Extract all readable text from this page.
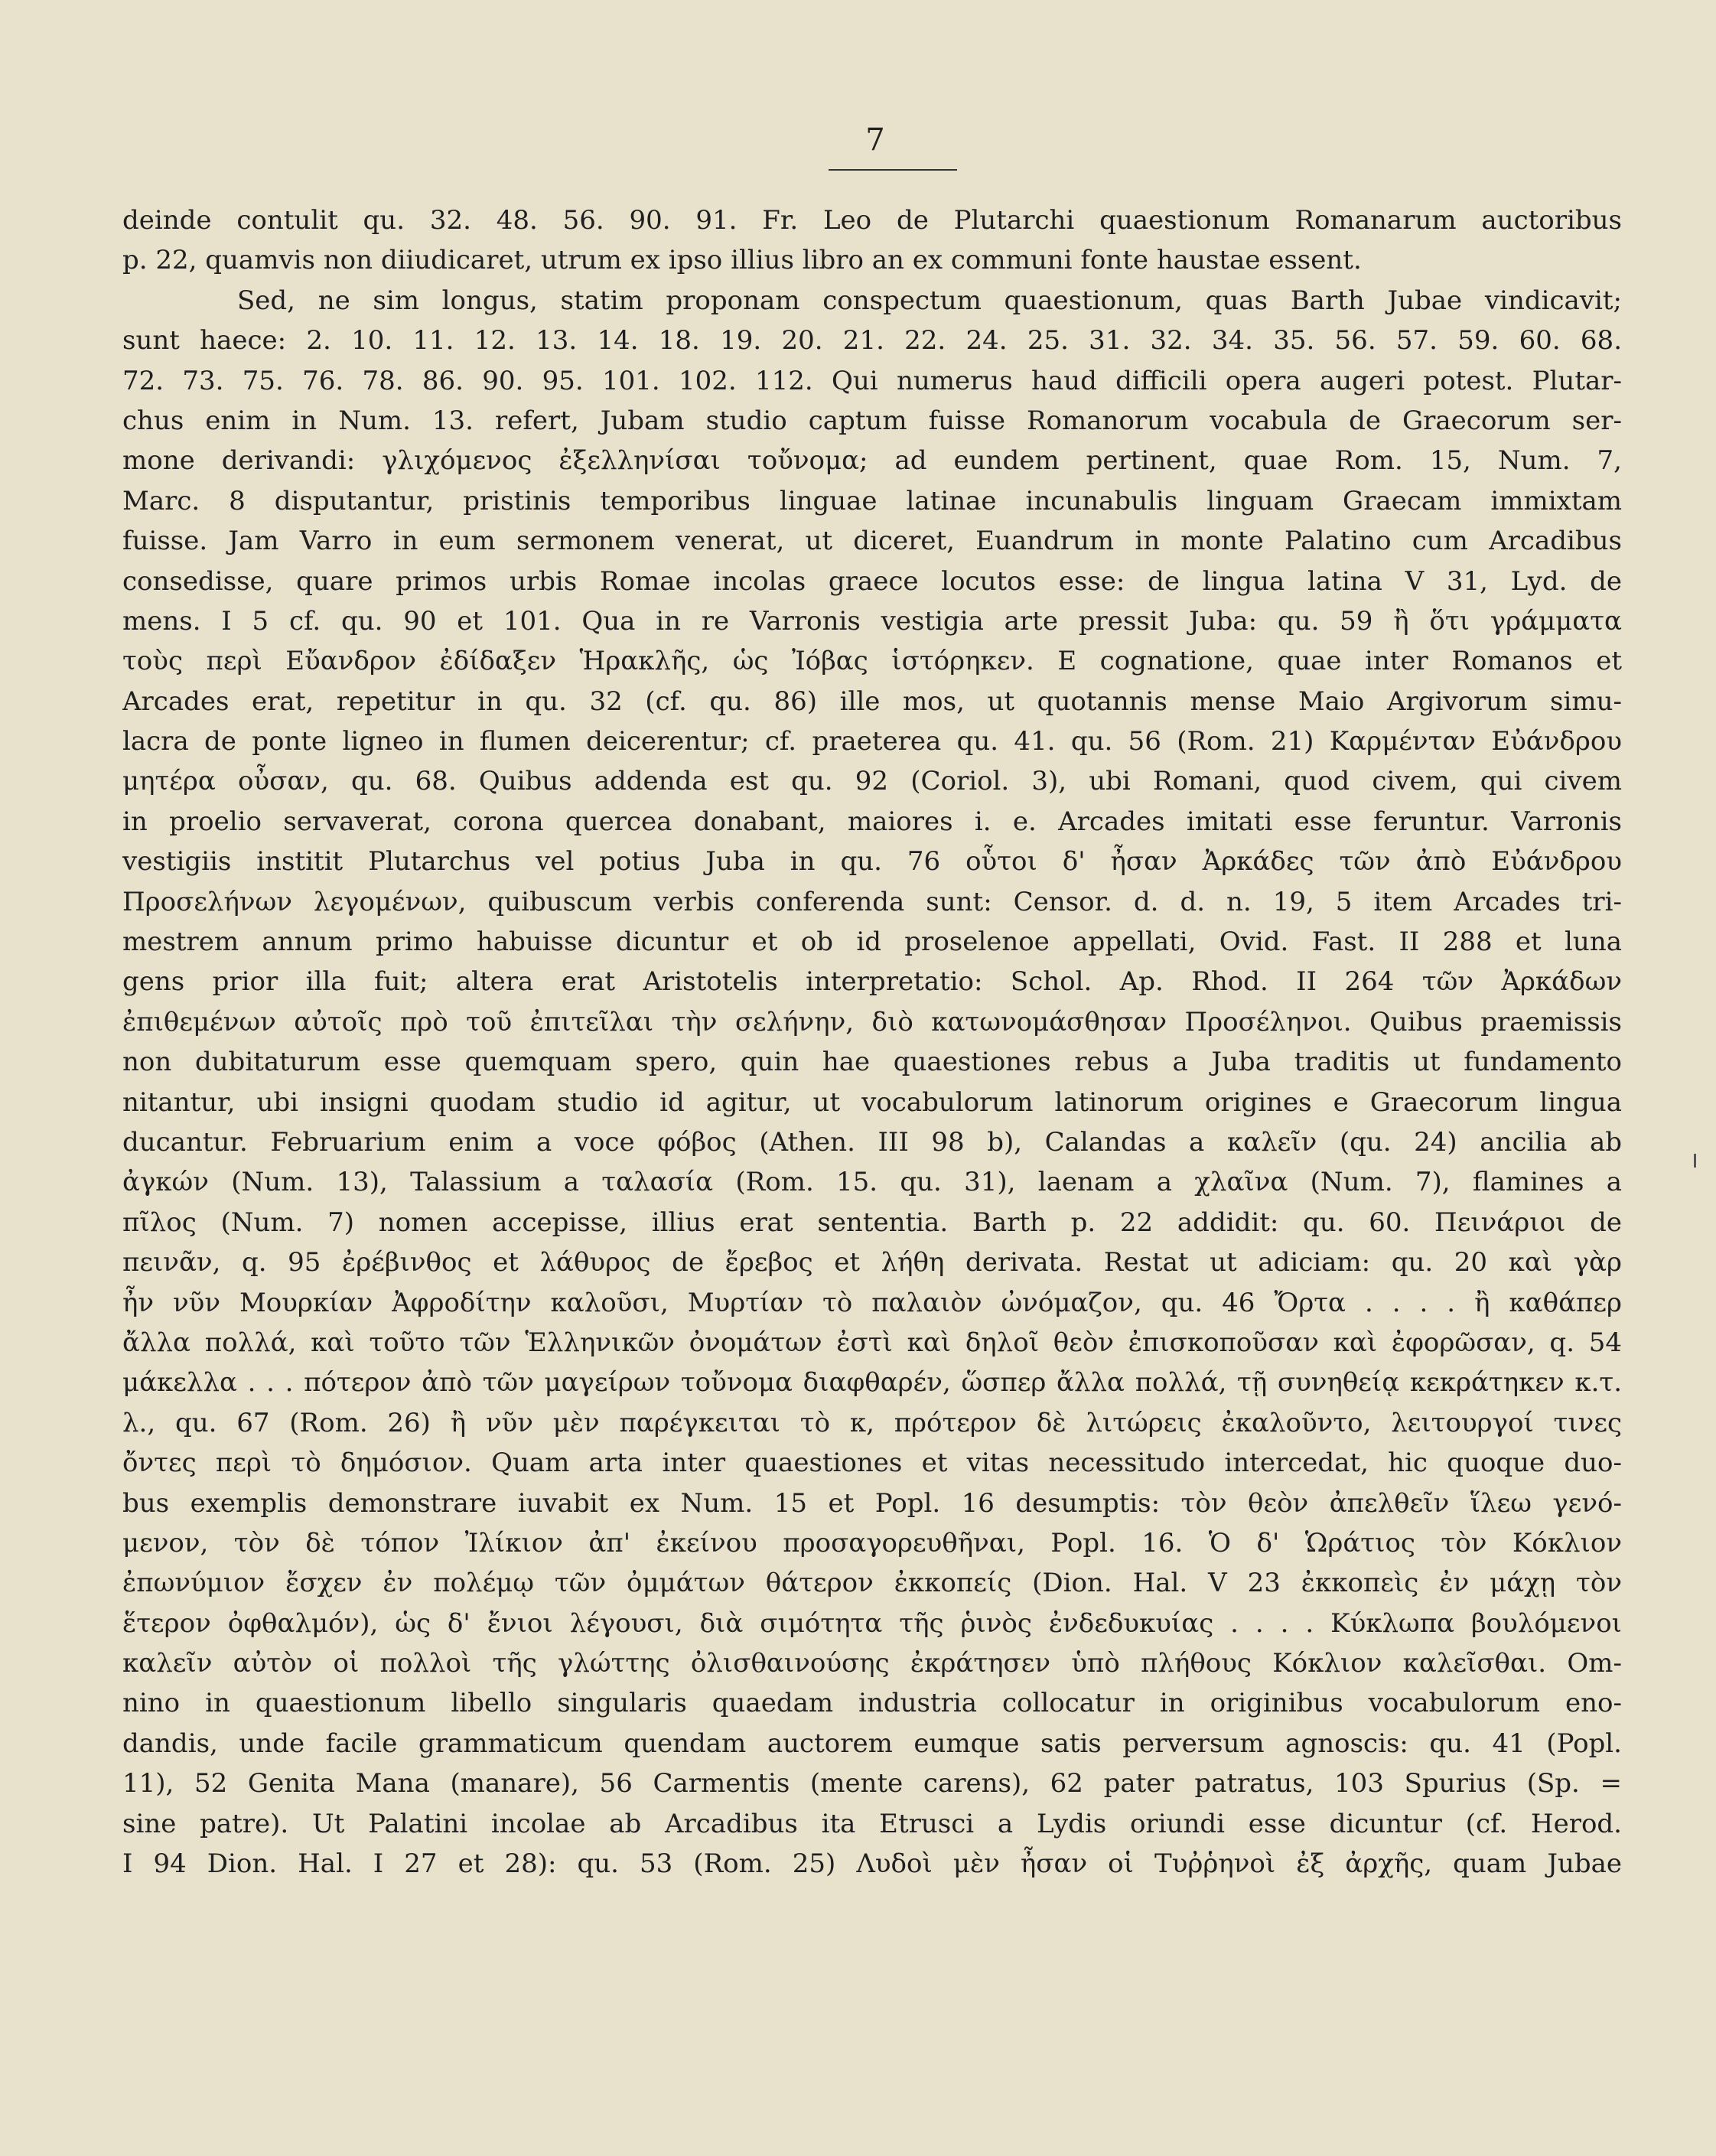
7
deinde contulit qu. 32. 48. 56. 90. 91. Fr. Leo de Plutarchi quaestionum Romanarum auctoribus
p. 22, quamvis non diiudicaret, utrum ex ipso illius libro an ex communi fonte haustae essent.
Sed, ne sim longus, statim proponam conspectum quaestionum, quas Barth Jubae vindicavit;
sunt haece: 2. 10. 11. 12. 13. 14. 18. 19. 20. 21. 22. 24. 25. 31. 32. 34. 35. 56. 57. 59. 60. 68.
72. 73. 75. 76. 78. 86. 90. 95. 101. 102. 112. Qui numerus haud difficili opera augeri potest. Plutar-
chus enim in Num. 13. refert, Jubam studio captum fuisse Romanorum vocabula de Graecorum ser-
mone derivandi: γλιχόμενος ἐξελληνίσαι τοὔνομα; ad eundem pertinent, quae Rom. 15, Num. 7,
Marc. 8 disputantur, pristinis temporibus linguae latinae incunabulis linguam Graecam immixtam
fuisse. Jam Varro in eum sermonem venerat, ut diceret, Euandrum in monte Palatino cum Arcadibus
consedisse, quare primos urbis Romae incolas graece locutos esse: de lingua latina V 31, Lyd. de
mens. I 5 cf. qu. 90 et 101. Qua in re Varronis vestigia arte pressit Juba: qu. 59 ἢ ὅτι γράμματα
τοὺς περὶ Εὔανδρον ἐδίδαξεν Ἡρακλῆς, ὡς Ἰόβας ἱστόρηκεν. E cognatione, quae inter Romanos et
Arcades erat, repetitur in qu. 32 (cf. qu. 86) ille mos, ut quotannis mense Maio Argivorum simu-
lacra de ponte ligneo in flumen deicerentur; cf. praeterea qu. 41. qu. 56 (Rom. 21) Καρμένταν Εὐάνδρου
μητέρα οὖσαν, qu. 68. Quibus addenda est qu. 92 (Coriol. 3), ubi Romani, quod civem, qui civem
in proelio servaverat, corona quercea donabant, maiores i. e. Arcades imitati esse feruntur. Varronis
vestigiis institit Plutarchus vel potius Juba in qu. 76 οὗτοι δ' ἦσαν Ἀρκάδες τῶν ἀπὸ Εὐάνδρου
Προσελήνων λεγομένων, quibuscum verbis conferenda sunt: Censor. d. d. n. 19, 5 item Arcades tri-
mestrem annum primo habuisse dicuntur et ob id proselenoe appellati, Ovid. Fast. II 288 et luna
gens prior illa fuit; altera erat Aristotelis interpretatio: Schol. Ap. Rhod. II 264 τῶν Ἀρκάδων
ἐπιθεμένων αὐτοῖς πρὸ τοῦ ἐπιτεῖλαι τὴν σελήνην, διὸ κατωνομάσθησαν Προσέληνοι. Quibus praemissis
non dubitaturum esse quemquam spero, quin hae quaestiones rebus a Juba traditis ut fundamento
nitantur, ubi insigni quodam studio id agitur, ut vocabulorum latinorum origines e Graecorum lingua
ducantur. Februarium enim a voce φόβος (Athen. III 98 b), Calandas a καλεῖν (qu. 24) ancilia ab
ἀγκών (Num. 13), Talassium a ταλασία (Rom. 15. qu. 31), laenam a χλαῖνα (Num. 7), flamines a
πῖλος (Num. 7) nomen accepisse, illius erat sententia. Barth p. 22 addidit: qu. 60. Πεινάριοι de
πεινᾶν, q. 95 ἐρέβινθος et λάθυρος de ἔρεβος et λήθη derivata. Restat ut adiciam: qu. 20 καὶ γὰρ
ἦν νῦν Μουρκίαν Ἀφροδίτην καλοῦσι, Μυρτίαν τὸ παλαιὸν ὠνόμαζον, qu. 46 Ὄρτα . . . . ἢ καθάπερ
ἄλλα πολλά, καὶ τοῦτο τῶν Ἑλληνικῶν ὀνομάτων ἐστὶ καὶ δηλοῖ θεὸν ἐπισκοποῦσαν καὶ ἐφορῶσαν, q. 54
μάκελλα . . . πότερον ἀπὸ τῶν μαγείρων τοὔνομα διαφθαρέν, ὥσπερ ἄλλα πολλά, τῇ συνηθείᾳ κεκράτηκεν κ.τ.
λ., qu. 67 (Rom. 26) ἢ νῦν μὲν παρέγκειται τὸ κ, πρότερον δὲ λιτώρεις ἐκαλοῦντο, λειτουργοί τινες
ὄντες περὶ τὸ δημόσιον. Quam arta inter quaestiones et vitas necessitudo intercedat, hic quoque duo-
bus exemplis demonstrare iuvabit ex Num. 15 et Popl. 16 desumptis: τὸν θεὸν ἀπελθεῖν ἵλεω γενό-
μενον, τὸν δὲ τόπον Ἰλίκιον ἀπ' ἐκείνου προσαγορευθῆναι, Popl. 16. Ὁ δ' Ὡράτιος τὸν Κόκλιον
ἐπωνύμιον ἔσχεν ἐν πολέμῳ τῶν ὀμμάτων θάτερον ἐκκοπείς (Dion. Hal. V 23 ἐκκοπεὶς ἐν μάχῃ τὸν
ἕτερον ὀφθαλμόν), ὡς δ' ἔνιοι λέγουσι, διὰ σιμότητα τῆς ῥινὸς ἐνδεδυκυίας . . . . Κύκλωπα βουλόμενοι
καλεῖν αὐτὸν οἱ πολλοὶ τῆς γλώττης ὀλισθαινούσης ἐκράτησεν ὑπὸ πλήθους Κόκλιον καλεῖσθαι. Om-
nino in quaestionum libello singularis quaedam industria collocatur in originibus vocabulorum eno-
dandis, unde facile grammaticum quendam auctorem eumque satis perversum agnoscis: qu. 41 (Popl.
11), 52 Genita Mana (manare), 56 Carmentis (mente carens), 62 pater patratus, 103 Spurius (Sp. =
sine patre). Ut Palatini incolae ab Arcadibus ita Etrusci a Lydis oriundi esse dicuntur (cf. Herod.
I 94 Dion. Hal. I 27 et 28): qu. 53 (Rom. 25) Λυδοὶ μὲν ἦσαν οἱ Τυῤῥηνοὶ ἐξ ἀρχῆς, quam Jubae
